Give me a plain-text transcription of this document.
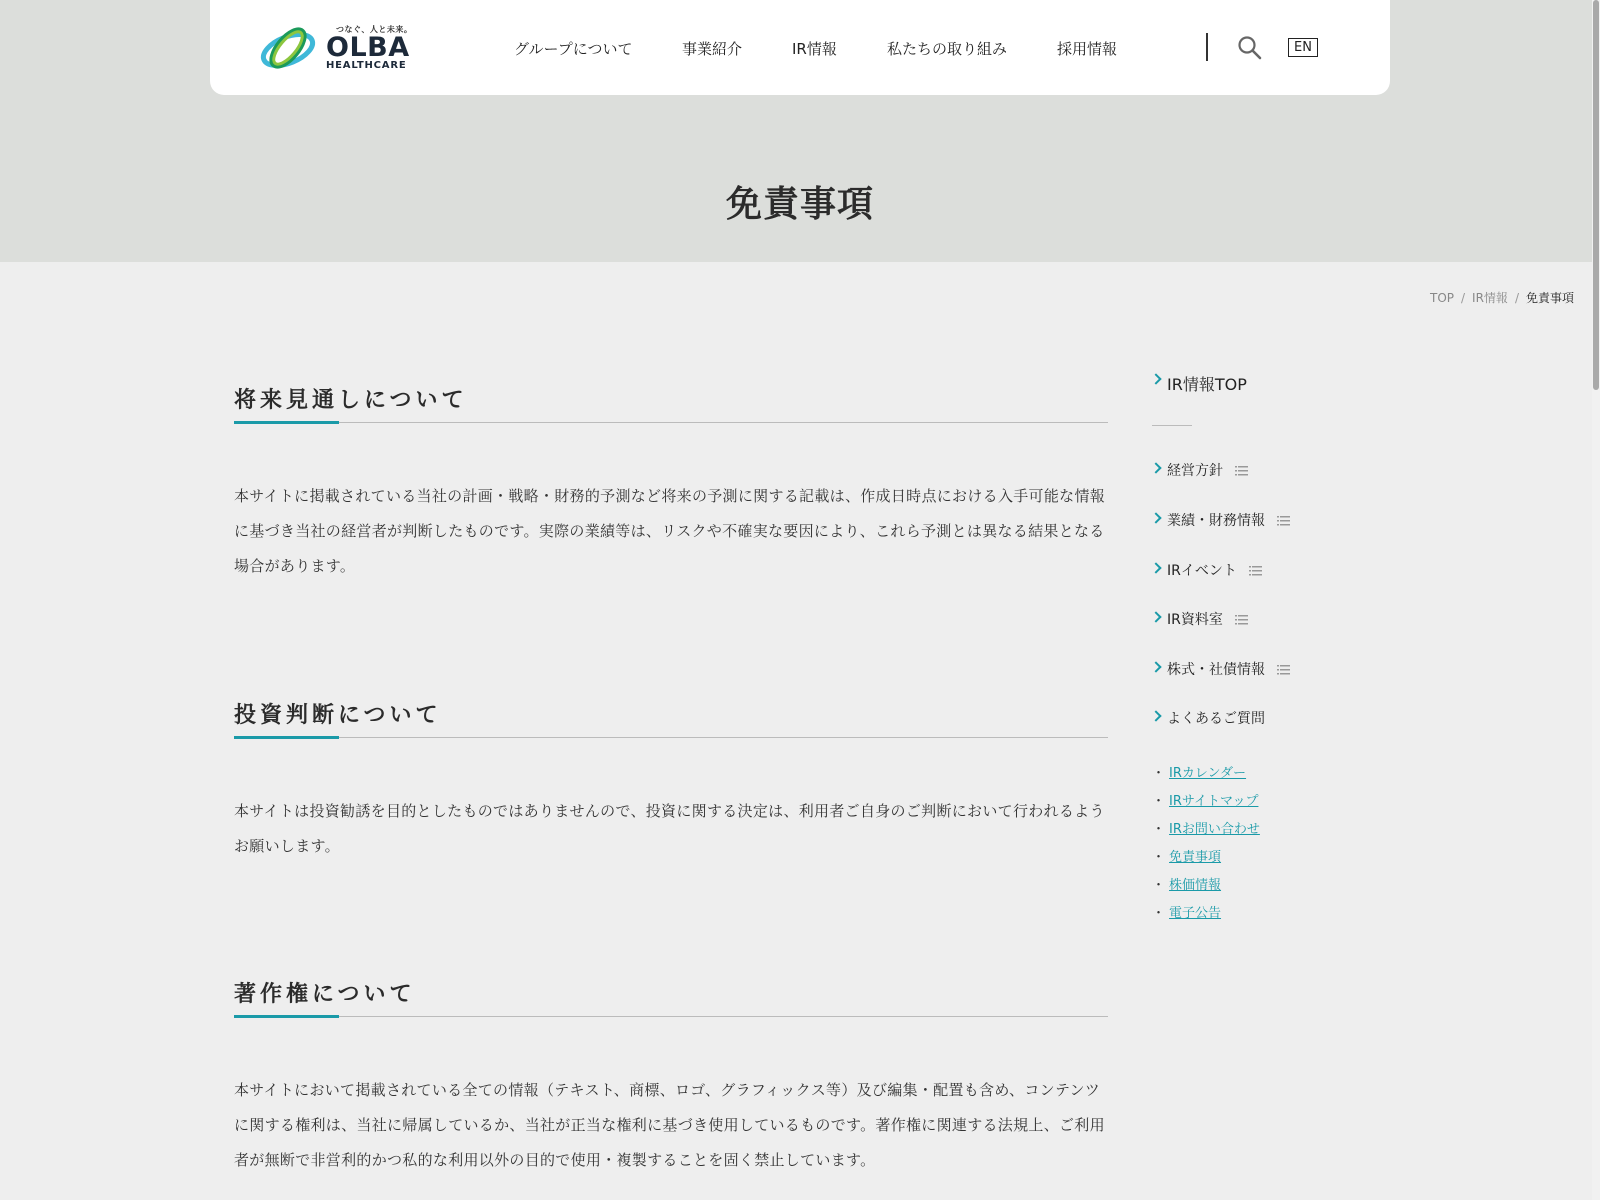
つなぐ、人と未来。
OLBA
HEALTHCARE
グループについて	事業紹介	IR情報	私たちの取り組み	採用情報	EN
免責事項
TOP / IR情報 / 免責事項
将来見通しについて

本サイトに掲載されている当社の計画・戦略・財務的予測など将来の予測に関する記載は、作成日時点における入手可能な情報に基づき当社の経営者が判断したものです。実際の業績等は、リスクや不確実な要因により、これら予測とは異なる結果となる場合があります。

投資判断について

本サイトは投資勧誘を目的としたものではありませんので、投資に関する決定は、利用者ご自身のご判断において行われるようお願いします。

著作権について

本サイトにおいて掲載されている全ての情報（テキスト、商標、ロゴ、グラフィックス等）及び編集・配置も含め、コンテンツに関する権利は、当社に帰属しているか、当社が正当な権利に基づき使用しているものです。著作権に関連する法規上、ご利用者が無断で非営利的かつ私的な利用以外の目的で使用・複製することを固く禁止しています。

IR情報TOP
経営方針
業績・財務情報
IRイベント
IR資料室
株式・社債情報
よくあるご質問
・ IRカレンダー
・ IRサイトマップ
・ IRお問い合わせ
・ 免責事項
・ 株価情報
・ 電子公告
